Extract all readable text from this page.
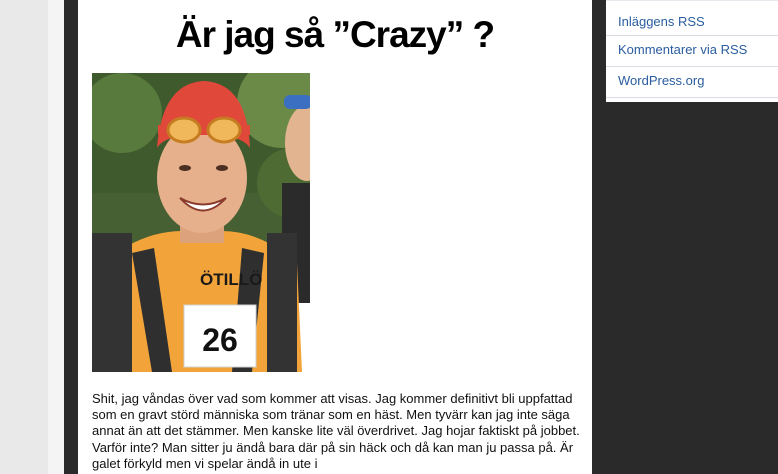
Är jag så ”Crazy” ?
26
ÖTILLÖ

Shit, jag våndas över vad som kommer att visas. Jag kommer definitivt bli uppfattad som en gravt störd människa som tränar som en häst. Men tyvärr kan jag inte säga annat än att det stämmer. Men kanske lite väl överdrivet. Jag hojar faktiskt på jobbet. Varför inte? Man sitter ju ändå bara där på sin häck och då kan man ju passa på. Är galet förkyld men vi spelar ändå in ute i

Inläggens RSS
Kommentarer via RSS
WordPress.org
